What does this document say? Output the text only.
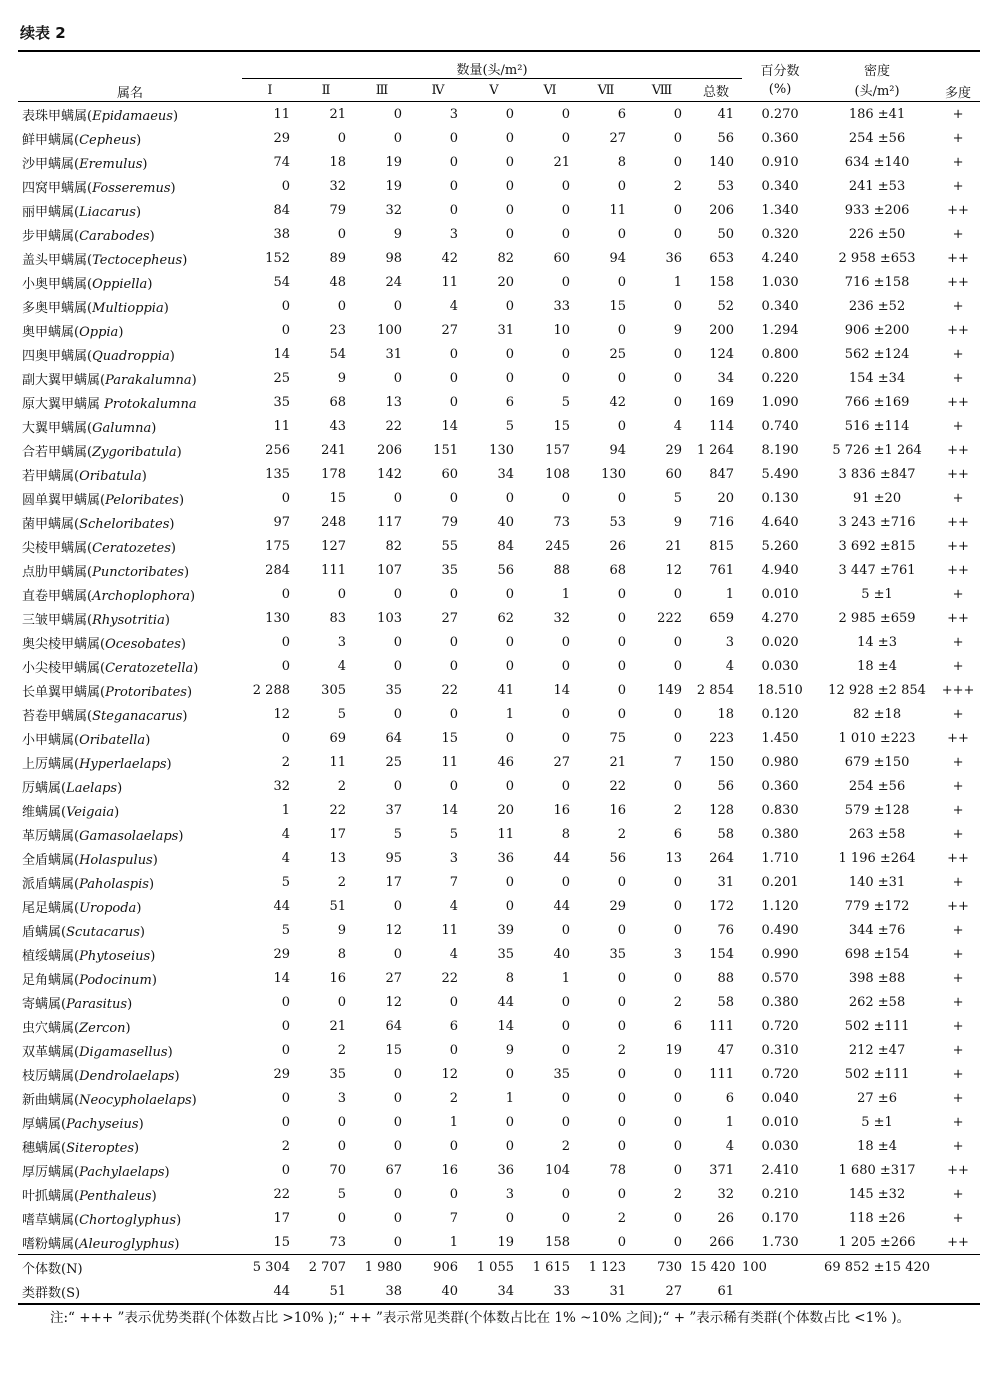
续表 2
属名	数量(头/m²)									百分数	密度	多度
	Ⅰ	Ⅱ	Ⅲ	Ⅳ	Ⅴ	Ⅵ	Ⅶ	Ⅷ	总数	(%)	(头/m²)	
表珠甲螨属(Epidamaeus)	11	21	0	3	0	0	6	0	41	0.270	186 ±41	+
鲜甲螨属(Cepheus)	29	0	0	0	0	0	27	0	56	0.360	254 ±56	+
沙甲螨属(Eremulus)	74	18	19	0	0	21	8	0	140	0.910	634 ±140	+
四窝甲螨属(Fosseremus)	0	32	19	0	0	0	0	2	53	0.340	241 ±53	+
丽甲螨属(Liacarus)	84	79	32	0	0	0	11	0	206	1.340	933 ±206	++
步甲螨属(Carabodes)	38	0	9	3	0	0	0	0	50	0.320	226 ±50	+
盖头甲螨属(Tectocepheus)	152	89	98	42	82	60	94	36	653	4.240	2 958 ±653	++
小奥甲螨属(Oppiella)	54	48	24	11	20	0	0	1	158	1.030	716 ±158	++
多奥甲螨属(Multioppia)	0	0	0	4	0	33	15	0	52	0.340	236 ±52	+
奥甲螨属(Oppia)	0	23	100	27	31	10	0	9	200	1.294	906 ±200	++
四奥甲螨属(Quadroppia)	14	54	31	0	0	0	25	0	124	0.800	562 ±124	+
副大翼甲螨属(Parakalumna)	25	9	0	0	0	0	0	0	34	0.220	154 ±34	+
原大翼甲螨属 Protokalumna	35	68	13	0	6	5	42	0	169	1.090	766 ±169	++
大翼甲螨属(Galumna)	11	43	22	14	5	15	0	4	114	0.740	516 ±114	+
合若甲螨属(Zygoribatula)	256	241	206	151	130	157	94	29	1 264	8.190	5 726 ±1 264	++
若甲螨属(Oribatula)	135	178	142	60	34	108	130	60	847	5.490	3 836 ±847	++
圆单翼甲螨属(Peloribates)	0	15	0	0	0	0	0	5	20	0.130	91 ±20	+
菌甲螨属(Scheloribates)	97	248	117	79	40	73	53	9	716	4.640	3 243 ±716	++
尖棱甲螨属(Ceratozetes)	175	127	82	55	84	245	26	21	815	5.260	3 692 ±815	++
点肋甲螨属(Punctoribates)	284	111	107	35	56	88	68	12	761	4.940	3 447 ±761	++
直卷甲螨属(Archoplophora)	0	0	0	0	0	1	0	0	1	0.010	5 ±1	+
三皱甲螨属(Rhysotritia)	130	83	103	27	62	32	0	222	659	4.270	2 985 ±659	++
奥尖棱甲螨属(Ocesobates)	0	3	0	0	0	0	0	0	3	0.020	14 ±3	+
小尖棱甲螨属(Ceratozetella)	0	4	0	0	0	0	0	0	4	0.030	18 ±4	+
长单翼甲螨属(Protoribates)	2 288	305	35	22	41	14	0	149	2 854	18.510	12 928 ±2 854	+++
苔卷甲螨属(Steganacarus)	12	5	0	0	1	0	0	0	18	0.120	82 ±18	+
小甲螨属(Oribatella)	0	69	64	15	0	0	75	0	223	1.450	1 010 ±223	++
上厉螨属(Hyperlaelaps)	2	11	25	11	46	27	21	7	150	0.980	679 ±150	+
厉螨属(Laelaps)	32	2	0	0	0	0	22	0	56	0.360	254 ±56	+
维螨属(Veigaia)	1	22	37	14	20	16	16	2	128	0.830	579 ±128	+
革厉螨属(Gamasolaelaps)	4	17	5	5	11	8	2	6	58	0.380	263 ±58	+
全盾螨属(Holaspulus)	4	13	95	3	36	44	56	13	264	1.710	1 196 ±264	++
派盾螨属(Paholaspis)	5	2	17	7	0	0	0	0	31	0.201	140 ±31	+
尾足螨属(Uropoda)	44	51	0	4	0	44	29	0	172	1.120	779 ±172	++
盾螨属(Scutacarus)	5	9	12	11	39	0	0	0	76	0.490	344 ±76	+
植绥螨属(Phytoseius)	29	8	0	4	35	40	35	3	154	0.990	698 ±154	+
足角螨属(Podocinum)	14	16	27	22	8	1	0	0	88	0.570	398 ±88	+
寄螨属(Parasitus)	0	0	12	0	44	0	0	2	58	0.380	262 ±58	+
虫穴螨属(Zercon)	0	21	64	6	14	0	0	6	111	0.720	502 ±111	+
双革螨属(Digamasellus)	0	2	15	0	9	0	2	19	47	0.310	212 ±47	+
枝厉螨属(Dendrolaelaps)	29	35	0	12	0	35	0	0	111	0.720	502 ±111	+
新曲螨属(Neocypholaelaps)	0	3	0	2	1	0	0	0	6	0.040	27 ±6	+
厚螨属(Pachyseius)	0	0	0	1	0	0	0	0	1	0.010	5 ±1	+
穗螨属(Siteroptes)	2	0	0	0	0	2	0	0	4	0.030	18 ±4	+
厚厉螨属(Pachylaelaps)	0	70	67	16	36	104	78	0	371	2.410	1 680 ±317	++
叶抓螨属(Penthaleus)	22	5	0	0	3	0	0	2	32	0.210	145 ±32	+
嗜草螨属(Chortoglyphus)	17	0	0	7	0	0	2	0	26	0.170	118 ±26	+
嗜粉螨属(Aleuroglyphus)	15	73	0	1	19	158	0	0	266	1.730	1 205 ±266	++
个体数(N)	5 304	2 707	1 980	906	1 055	1 615	1 123	730	15 420	100	69 852 ±15 420	
类群数(S)	44	51	38	40	34	33	31	27	61			
注:“ +++ ”表示优势类群(个体数占比 >10% );“ ++ ”表示常见类群(个体数占比在 1% ~10% 之间);“ + ”表示稀有类群(个体数占比 <1% )。
